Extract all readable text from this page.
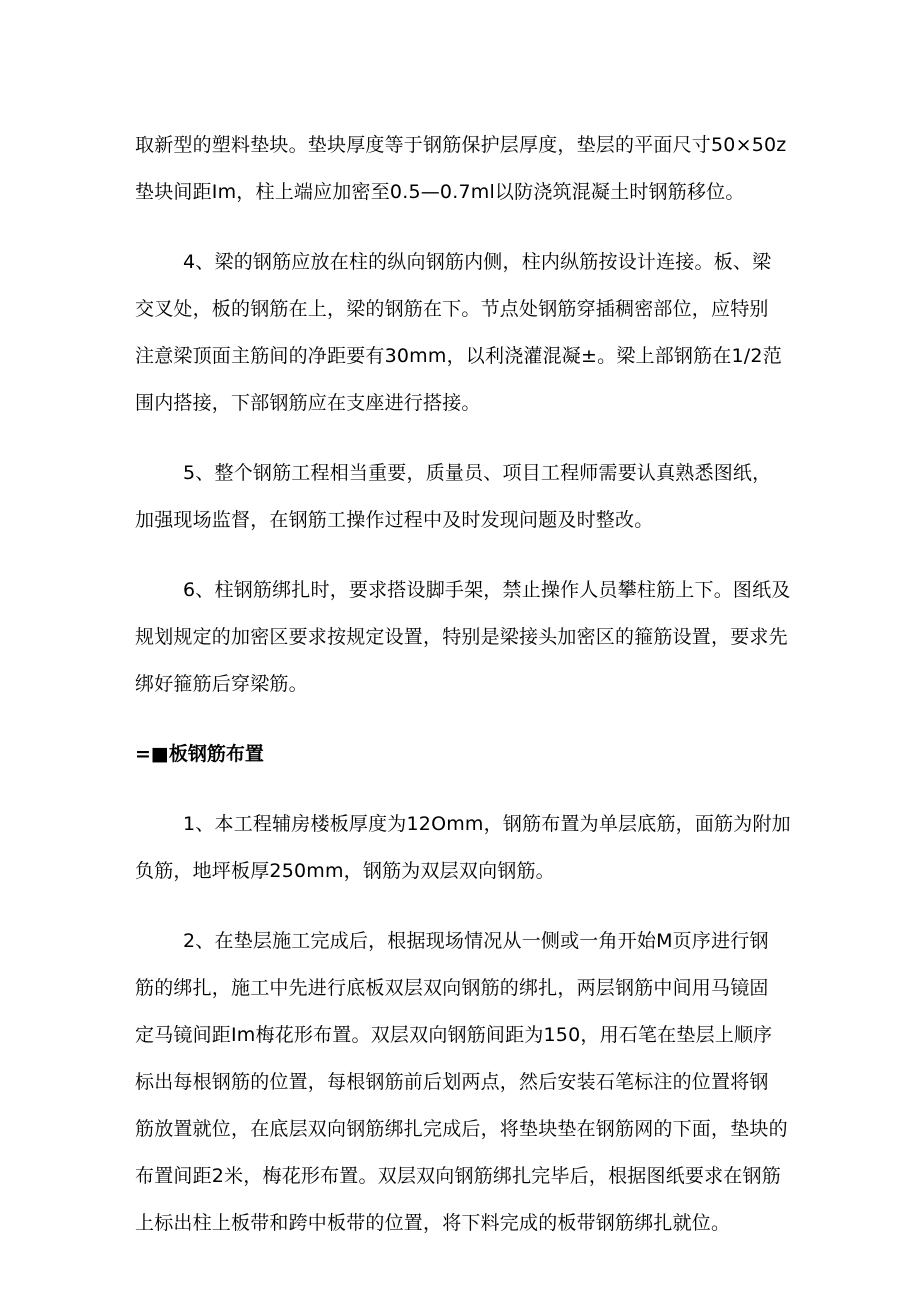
取新型的塑料垫块。垫块厚度等于钢筋保护层厚度，垫层的平面尺寸50×50z
垫块间距Im，柱上端应加密至0.5—0.7ml以防浇筑混凝土时钢筋移位。

4、梁的钢筋应放在柱的纵向钢筋内侧，柱内纵筋按设计连接。板、梁
交叉处，板的钢筋在上，梁的钢筋在下。节点处钢筋穿插稠密部位，应特别
注意梁顶面主筋间的净距要有30mm，以利浇灌混凝±。梁上部钢筋在1/2范
围内搭接，下部钢筋应在支座进行搭接。

5、整个钢筋工程相当重要，质量员、项目工程师需要认真熟悉图纸，
加强现场监督，在钢筋工操作过程中及时发现问题及时整改。

6、柱钢筋绑扎时，要求搭设脚手架，禁止操作人员攀柱筋上下。图纸及
规划规定的加密区要求按规定设置，特别是梁接头加密区的箍筋设置，要求先
绑好箍筋后穿梁筋。

=■板钢筋布置

1、本工程辅房楼板厚度为12Omm，钢筋布置为单层底筋，面筋为附加
负筋，地坪板厚250mm，钢筋为双层双向钢筋。

2、在垫层施工完成后，根据现场情况从一侧或一角开始M页序进行钢
筋的绑扎，施工中先进行底板双层双向钢筋的绑扎，两层钢筋中间用马镜固
定马镜间距Im梅花形布置。双层双向钢筋间距为150，用石笔在垫层上顺序
标出每根钢筋的位置，每根钢筋前后划两点，然后安装石笔标注的位置将钢
筋放置就位，在底层双向钢筋绑扎完成后，将垫块垫在钢筋网的下面，垫块的
布置间距2米，梅花形布置。双层双向钢筋绑扎完毕后，根据图纸要求在钢筋
上标出柱上板带和跨中板带的位置，将下料完成的板带钢筋绑扎就位。
